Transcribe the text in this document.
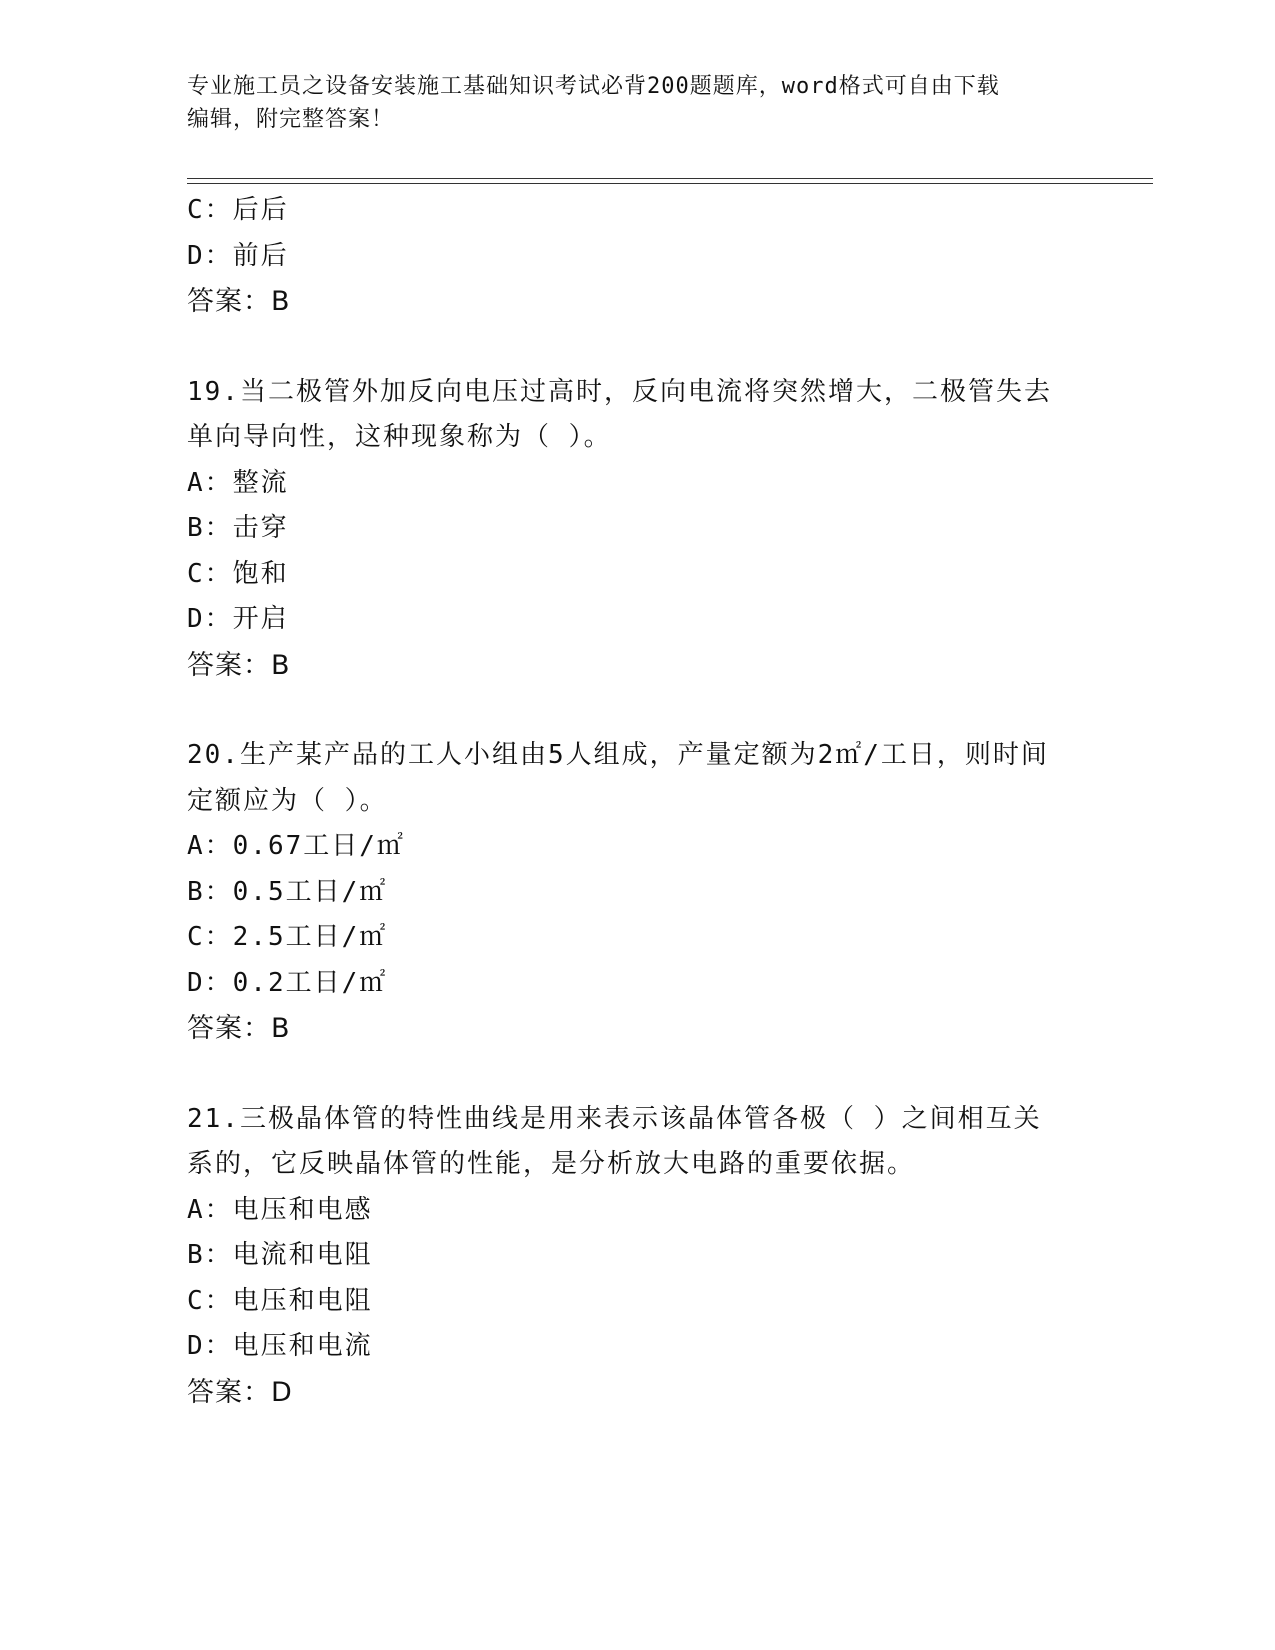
专业施工员之设备安装施工基础知识考试必背200题题库，word格式可自由下载
编辑，附完整答案！
C：后后
D：前后
答案：B
19.当二极管外加反向电压过高时，反向电流将突然增大，二极管失去
单向导向性，这种现象称为（ ）。
A：整流
B：击穿
C：饱和
D：开启
答案：B
20.生产某产品的工人小组由5人组成，产量定额为2㎡/工日，则时间
定额应为（ ）。
A：0.67工日/㎡
B：0.5工日/㎡
C：2.5工日/㎡
D：0.2工日/㎡
答案：B
21.三极晶体管的特性曲线是用来表示该晶体管各极（ ）之间相互关
系的，它反映晶体管的性能，是分析放大电路的重要依据。
A：电压和电感
B：电流和电阻
C：电压和电阻
D：电压和电流
答案：D
